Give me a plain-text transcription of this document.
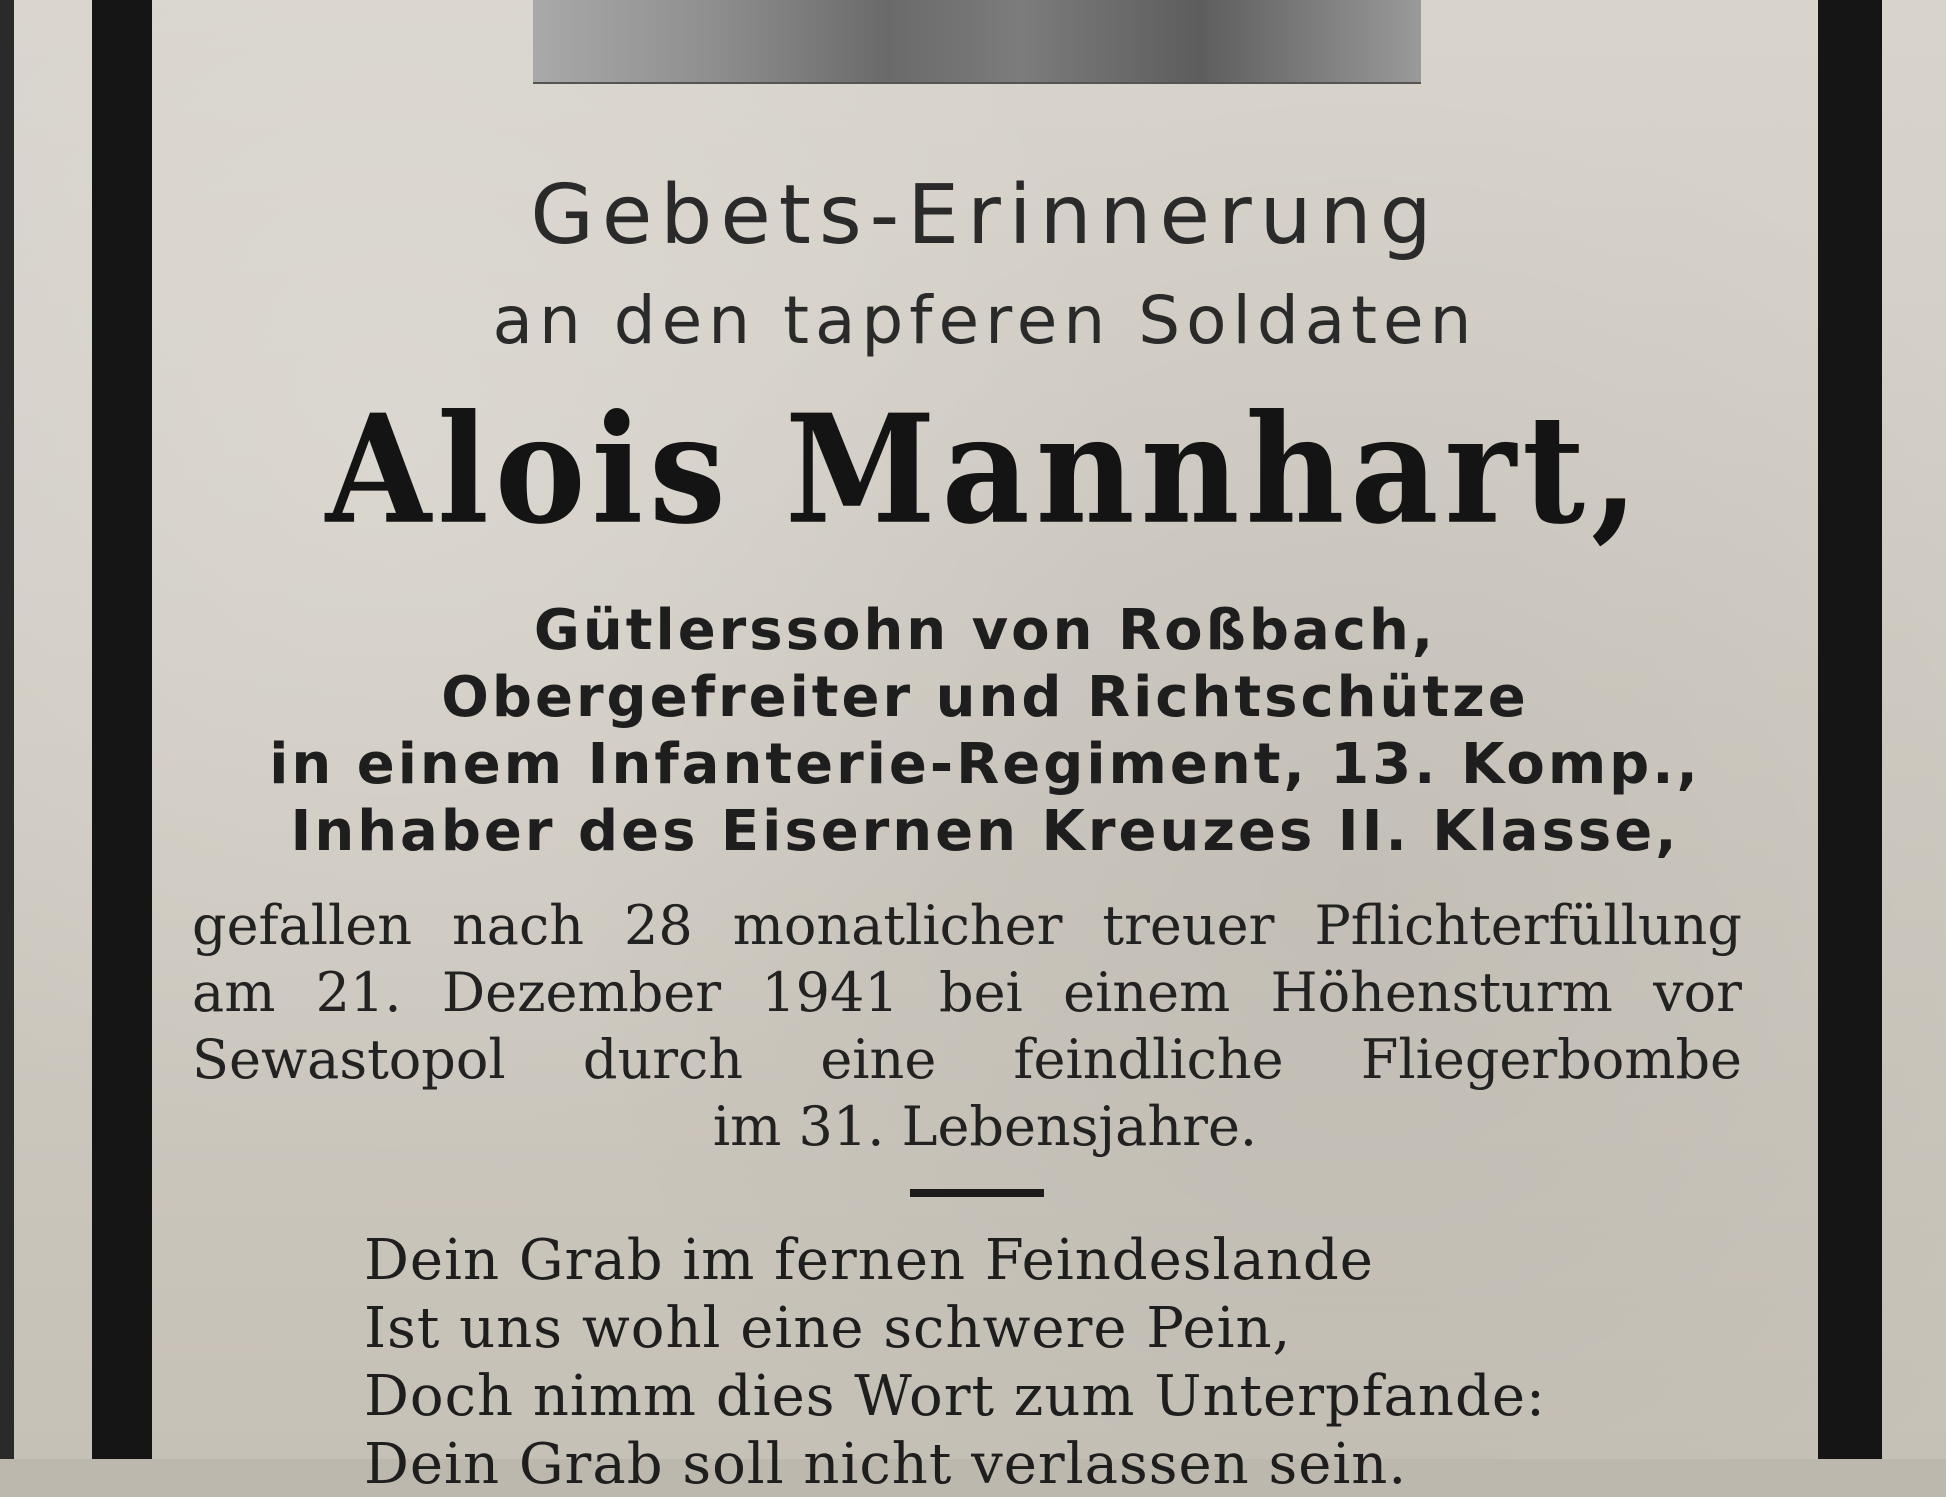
Gebets-Erinnerung
an den tapferen Soldaten
Alois Mannhart,
Gütlerssohn von Roßbach,
Obergefreiter und Richtschütze
in einem Infanterie-Regiment, 13. Komp.,
Inhaber des Eisernen Kreuzes II. Klasse,
gefallen nach 28 monatlicher treuer Pflichterfüllung
am 21. Dezember 1941 bei einem Höhensturm vor
Sewastopol durch eine feindliche Fliegerbombe
im 31. Lebensjahre.
Dein Grab im fernen Feindeslande
Ist uns wohl eine schwere Pein,
Doch nimm dies Wort zum Unterpfande:
Dein Grab soll nicht verlassen sein.
